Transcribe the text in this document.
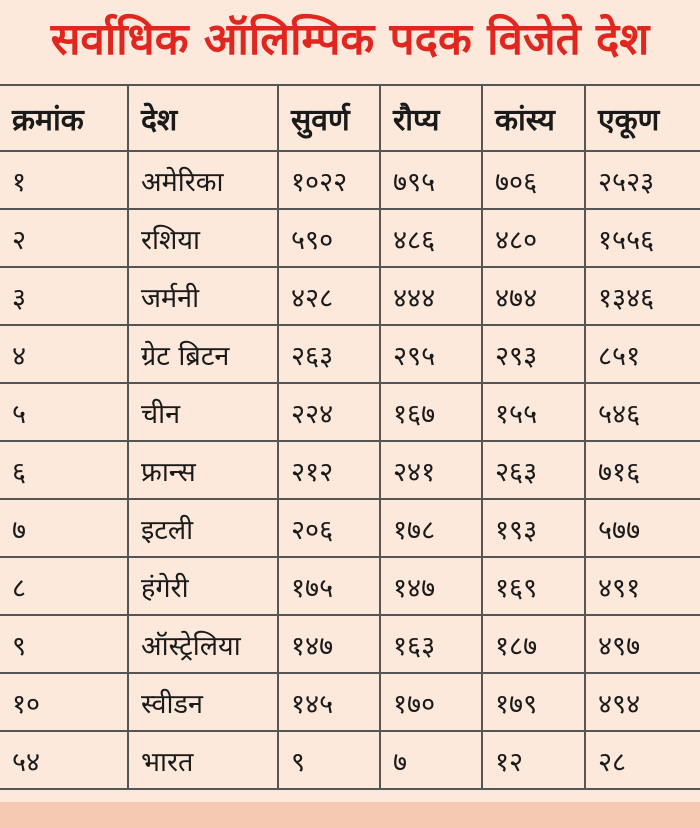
सर्वाधिक ऑलिम्पिक पदक विजेते देश
क्रमांक	देश	सुवर्ण	रौप्य	कांस्य	एकूण
१	अमेरिका	१०२२	७९५	७०६	२५२३
२	रशिया	५९०	४८६	४८०	१५५६
३	जर्मनी	४२८	४४४	४७४	१३४६
४	ग्रेट ब्रिटन	२६३	२९५	२९३	८५१
५	चीन	२२४	१६७	१५५	५४६
६	फ्रान्स	२१२	२४१	२६३	७१६
७	इटली	२०६	१७८	१९३	५७७
८	हंगेरी	१७५	१४७	१६९	४९१
९	ऑस्ट्रेलिया	१४७	१६३	१८७	४९७
१०	स्वीडन	१४५	१७०	१७९	४९४
५४	भारत	९	७	१२	२८
